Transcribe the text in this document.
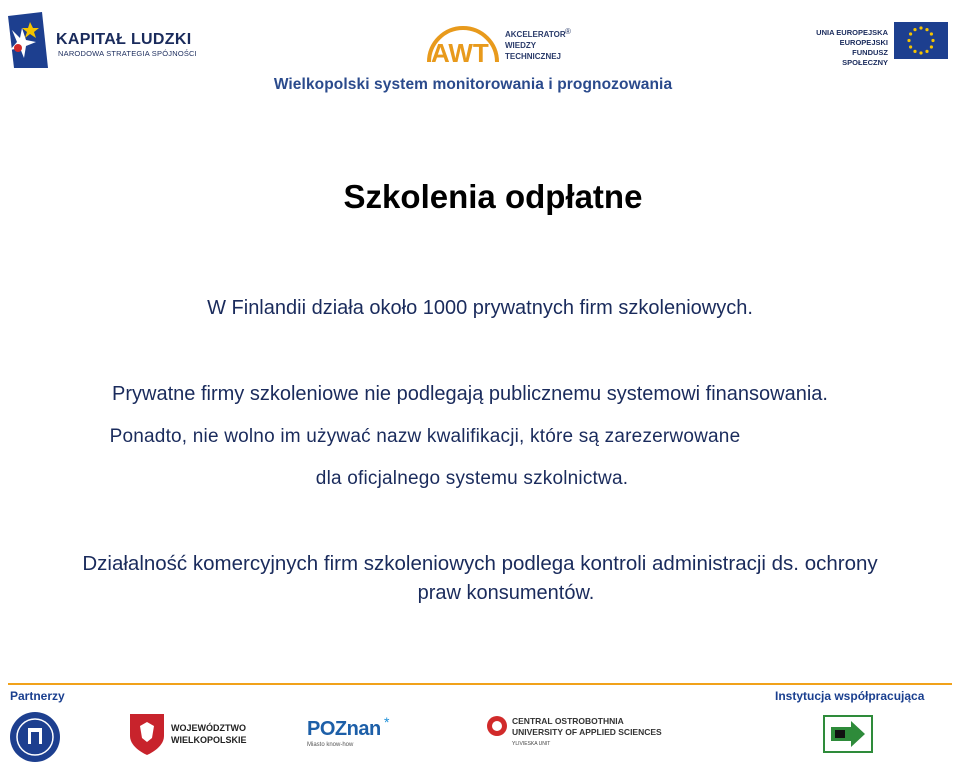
KAPITAŁ LUDZKI
NARODOWA STRATEGIA SPÓJNOŚCI	AWT
AKCELERATOR
WIEDZY
TECHNICZNEJ
®	UNIA EUROPEJSKA
EUROPEJSKI
FUNDUSZ SPOŁECZNY
Wielkopolski system monitorowania i prognozowania
Szkolenia odpłatne
W Finlandii działa około 1000 prywatnych firm szkoleniowych.
Prywatne firmy szkoleniowe nie podlegają publicznemu systemowi finansowania.
Ponadto, nie wolno im używać nazw kwalifikacji, które są zarezerwowane
dla oficjalnego systemu szkolnictwa.
Działalność komercyjnych firm szkoleniowych podlega kontroli administracji ds. ochrony
praw konsumentów.
Partnerzy	Instytucja współpracująca
WOJEWÓDZTWO
WIELKOPOLSKIE	POZnan *
Miasto know-how
CENTRAL OSTROBOTHNIA
UNIVERSITY OF APPLIED SCIENCES
YLIVIESKA UNIT
